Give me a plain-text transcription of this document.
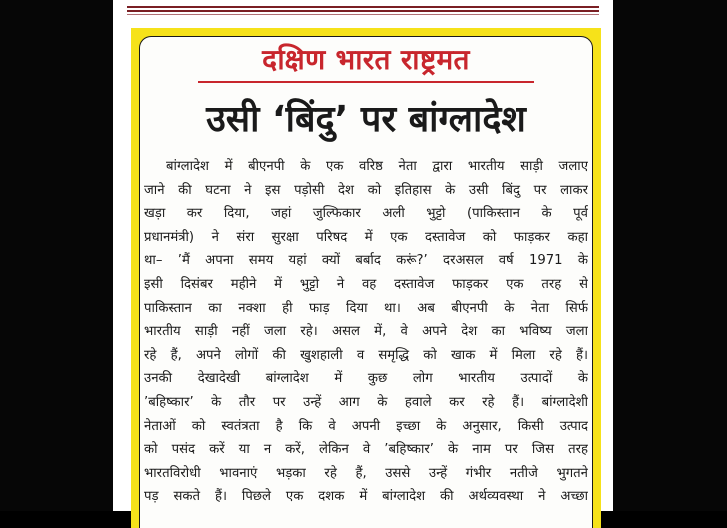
दक्षिण भारत राष्ट्रमत
उसी ‘बिंदु’ पर बांग्लादेश
बांग्लादेश में बीएनपी के एक वरिष्ठ नेता द्वारा भारतीय साड़ी जलाए
जाने की घटना ने इस पड़ोसी देश को इतिहास के उसी बिंदु पर लाकर
खड़ा कर दिया, जहां जुल्फिकार अली भुट्टो (पाकिस्तान के पूर्व
प्रधानमंत्री) ने संरा सुरक्षा परिषद में एक दस्तावेज को फाड़कर कहा
था– ’मैं अपना समय यहां क्यों बर्बाद करूं?’ दरअसल वर्ष 1971 के
इसी दिसंबर महीने में भुट्टो ने वह दस्तावेज फाड़कर एक तरह से
पाकिस्तान का नक्शा ही फाड़ दिया था। अब बीएनपी के नेता सिर्फ
भारतीय साड़ी नहीं जला रहे। असल में, वे अपने देश का भविष्य जला
रहे हैं, अपने लोगों की खुशहाली व समृद्धि को खाक में मिला रहे हैं।
उनकी देखादेखी बांग्लादेश में कुछ लोग भारतीय उत्पादों के
’बहिष्कार’ के तौर पर उन्हें आग के हवाले कर रहे हैं। बांग्लादेशी
नेताओं को स्वतंत्रता है कि वे अपनी इच्छा के अनुसार, किसी उत्पाद
को पसंद करें या न करें, लेकिन वे ’बहिष्कार’ के नाम पर जिस तरह
भारतविरोधी भावनाएं भड़का रहे हैं, उससे उन्हें गंभीर नतीजे भुगतने
पड़ सकते हैं। पिछले एक दशक में बांग्लादेश की अर्थव्यवस्था ने अच्छा
